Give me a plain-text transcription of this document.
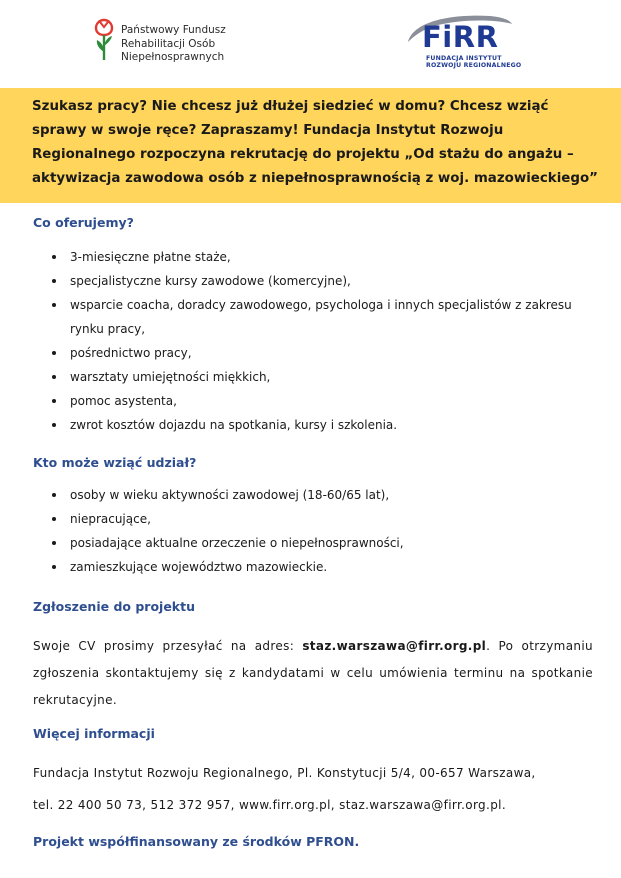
Państwowy Fundusz
Rehabilitacji Osób
Niepełnosprawnych
FiRR
FUNDACJA INSTYTUT
ROZWOJU REGIONALNEGO
Szukasz pracy? Nie chcesz już dłużej siedzieć w domu? Chcesz wziąć sprawy w swoje ręce? Zapraszamy! Fundacja Instytut Rozwoju Regionalnego rozpoczyna rekrutację do projektu „Od stażu do angażu – aktywizacja zawodowa osób z niepełnosprawnością z woj. mazowieckiego”
Co oferujemy?
3-miesięczne płatne staże,
specjalistyczne kursy zawodowe (komercyjne),
wsparcie coacha, doradcy zawodowego, psychologa i innych specjalistów z zakresu rynku pracy,
pośrednictwo pracy,
warsztaty umiejętności miękkich,
pomoc asystenta,
zwrot kosztów dojazdu na spotkania, kursy i szkolenia.
Kto może wziąć udział?
osoby w wieku aktywności zawodowej (18-60/65 lat),
niepracujące,
posiadające aktualne orzeczenie o niepełnosprawności,
zamieszkujące województwo mazowieckie.
Zgłoszenie do projektu
Swoje CV prosimy przesyłać na adres: staz.warszawa@firr.org.pl. Po otrzymaniu zgłoszenia skontaktujemy się z kandydatami w celu umówienia terminu na spotkanie rekrutacyjne.
Więcej informacji
Fundacja Instytut Rozwoju Regionalnego, Pl. Konstytucji 5/4, 00-657 Warszawa,
tel. 22 400 50 73, 512 372 957, www.firr.org.pl, staz.warszawa@firr.org.pl.
Projekt współfinansowany ze środków PFRON.
